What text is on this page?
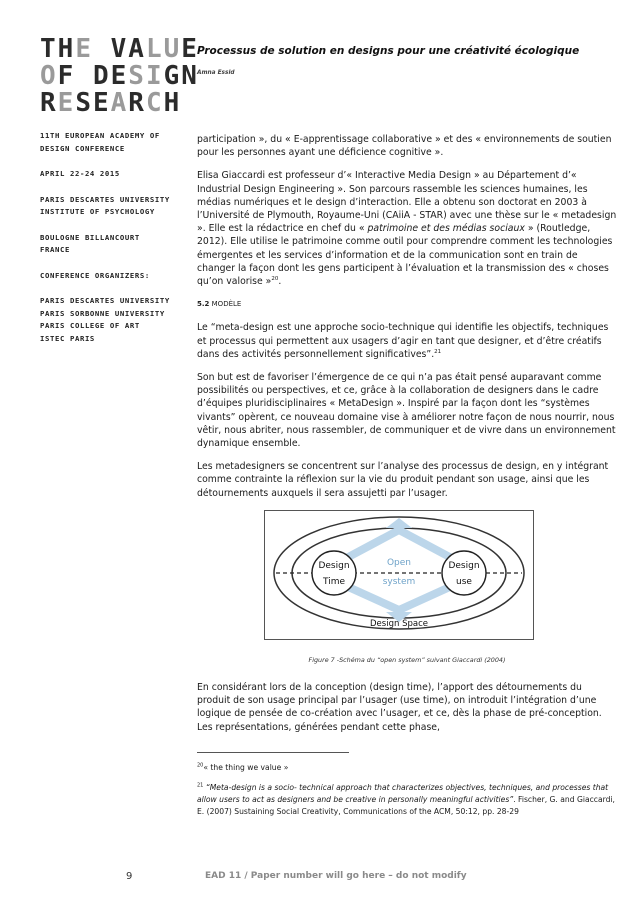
THE VALUE
OF DESIGN
RESEARCH
11TH EUROPEAN ACADEMY OF
DESIGN CONFERENCE
APRIL 22-24 2015
PARIS DESCARTES UNIVERSITY
INSTITUTE OF PSYCHOLOGY
BOULOGNE BILLANCOURT
FRANCE
CONFERENCE ORGANIZERS:
PARIS DESCARTES UNIVERSITY
PARIS SORBONNE UNIVERSITY
PARIS COLLEGE OF ART
ISTEC PARIS
Processus de solution en designs pour une créativité écologique
Amna Essid

participation », du « E-apprentissage collaborative » et des « environnements de soutien pour les personnes ayant une déficience cognitive ».

Elisa Giaccardi est professeur d’« Interactive Media Design » au Département d’« Industrial Design Engineering ». Son parcours rassemble les sciences humaines, les médias numériques et le design d’interaction. Elle a obtenu son doctorat en 2003 à l’Université de Plymouth, Royaume-Uni (CAiiA - STAR) avec une thèse sur le « metadesign ». Elle est la rédactrice en chef du « patrimoine et des médias sociaux » (Routledge, 2012). Elle utilise le patrimoine comme outil pour comprendre comment les technologies émergentes et les services d’information et de la communication sont en train de changer la façon dont les gens participent à l’évaluation et la transmission des « choses qu’on valorise »$^{20}$.

5.2 MODÈLE

Le “meta-design est une approche socio-technique qui identifie les objectifs, techniques et processus qui permettent aux usagers d’agir en tant que designer, et d’être créatifs dans des activités personnellement significatives”.$^{21}$

Son but est de favoriser l’émergence de ce qui n’a pas était pensé auparavant comme possibilités ou perspectives, et ce, grâce à la collaboration de designers dans le cadre d’équipes pluridisciplinaires « MetaDesign ». Inspiré par la façon dont les “systèmes vivants” opèrent, ce nouveau domaine vise à améliorer notre façon de nous nourrir, nous vêtir, nous abriter, nous rassembler, de communiquer et de vivre dans un environnement dynamique ensemble.

Les metadesigners se concentrent sur l’analyse des processus de design, en y intégrant comme contrainte la réflexion sur la vie du produit pendant son usage, ainsi que les détournements auxquels il sera assujetti par l’usager.

Design
Time
Open
system
Design
use
Design Space
Figure 7 -Schéma du “open system” suivant Giaccardi (2004)

En considérant lors de la conception (design time), l’apport des détournements du produit de son usage principal par l’usager (use time), on introduit l’intégration d’une logique de pensée de co-création avec l’usager, et ce, dès la phase de pré-conception. Les représentations, générées pendant cette phase,

$^{20}$« the thing we value »

$^{21}$ “Meta-design is a socio- technical approach that characterizes objectives, techniques, and processes that allow users to act as designers and be creative in personally meaningful activities”. Fischer, G. and Giaccardi, E. (2007) Sustaining Social Creativity, Communications of the ACM, 50:12, pp. 28-29

9	EAD 11 / Paper number will go here – do not modify
